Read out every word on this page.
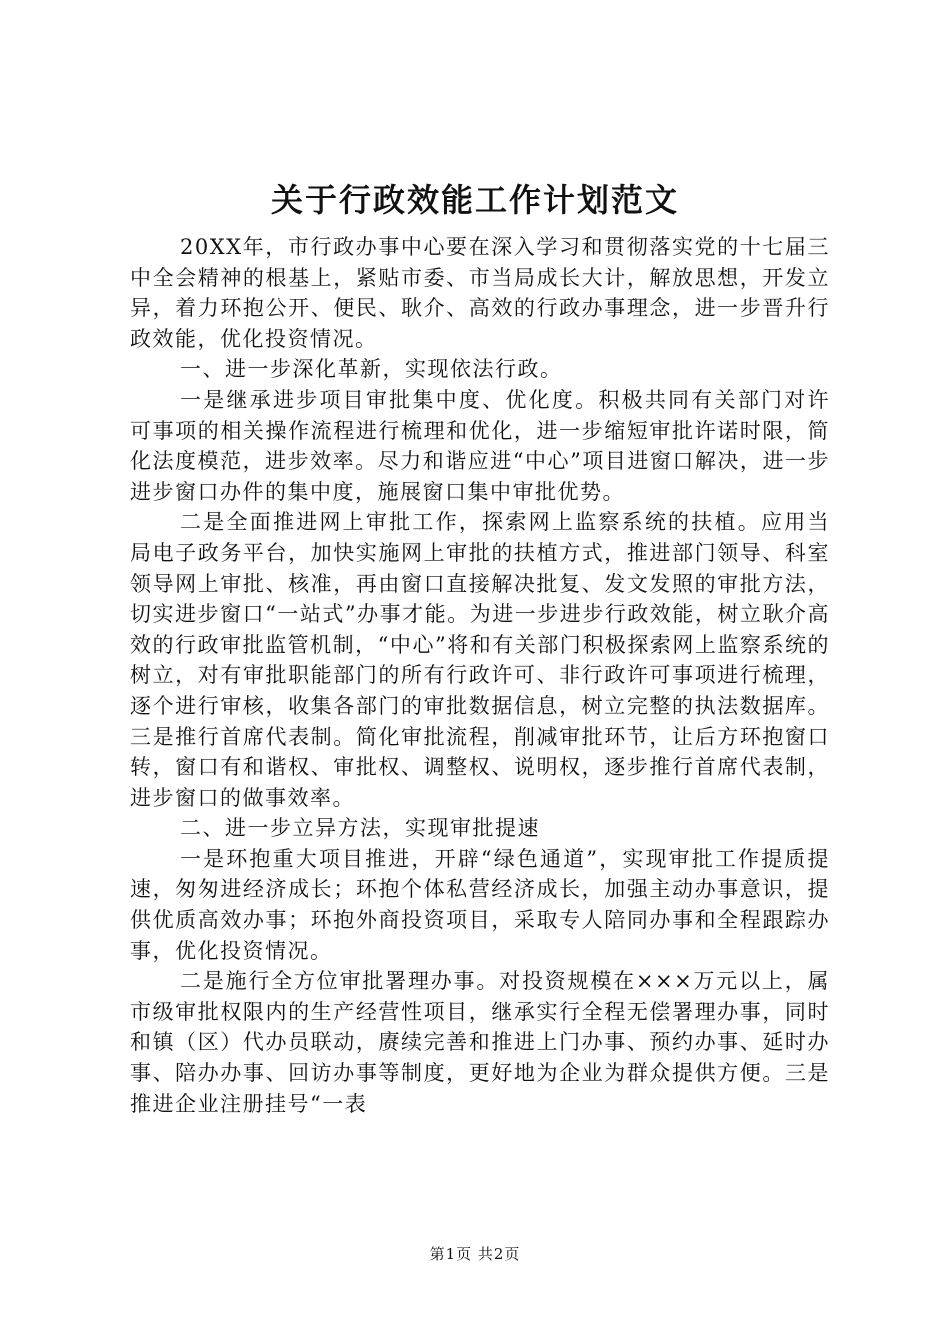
关于行政效能工作计划范文

20XX年，市行政办事中心要在深入学习和贯彻落实党的十七届三中全会精神的根基上，紧贴市委、市当局成长大计，解放思想，开发立异，着力环抱公开、便民、耿介、高效的行政办事理念，进一步晋升行政效能，优化投资情况。

一、进一步深化革新，实现依法行政。

一是继承进步项目审批集中度、优化度。积极共同有关部门对许可事项的相关操作流程进行梳理和优化，进一步缩短审批许诺时限，简化法度模范，进步效率。尽力和谐应进“中心”项目进窗口解决，进一步进步窗口办件的集中度，施展窗口集中审批优势。

二是全面推进网上审批工作，探索网上监察系统的扶植。应用当局电子政务平台，加快实施网上审批的扶植方式，推进部门领导、科室领导网上审批、核准，再由窗口直接解决批复、发文发照的审批方法，切实进步窗口“一站式”办事才能。为进一步进步行政效能，树立耿介高效的行政审批监管机制，“中心”将和有关部门积极探索网上监察系统的树立，对有审批职能部门的所有行政许可、非行政许可事项进行梳理，逐个进行审核，收集各部门的审批数据信息，树立完整的执法数据库。三是推行首席代表制。简化审批流程，削减审批环节，让后方环抱窗口转，窗口有和谐权、审批权、调整权、说明权，逐步推行首席代表制，进步窗口的做事效率。

二、进一步立异方法，实现审批提速

一是环抱重大项目推进，开辟“绿色通道”，实现审批工作提质提速，匆匆进经济成长；环抱个体私营经济成长，加强主动办事意识，提供优质高效办事；环抱外商投资项目，采取专人陪同办事和全程跟踪办事，优化投资情况。

二是施行全方位审批署理办事。对投资规模在×××万元以上，属市级审批权限内的生产经营性项目，继承实行全程无偿署理办事，同时和镇（区）代办员联动，赓续完善和推进上门办事、预约办事、延时办事、陪办办事、回访办事等制度，更好地为企业为群众提供方便。三是推进企业注册挂号“一表

第1页 共2页
